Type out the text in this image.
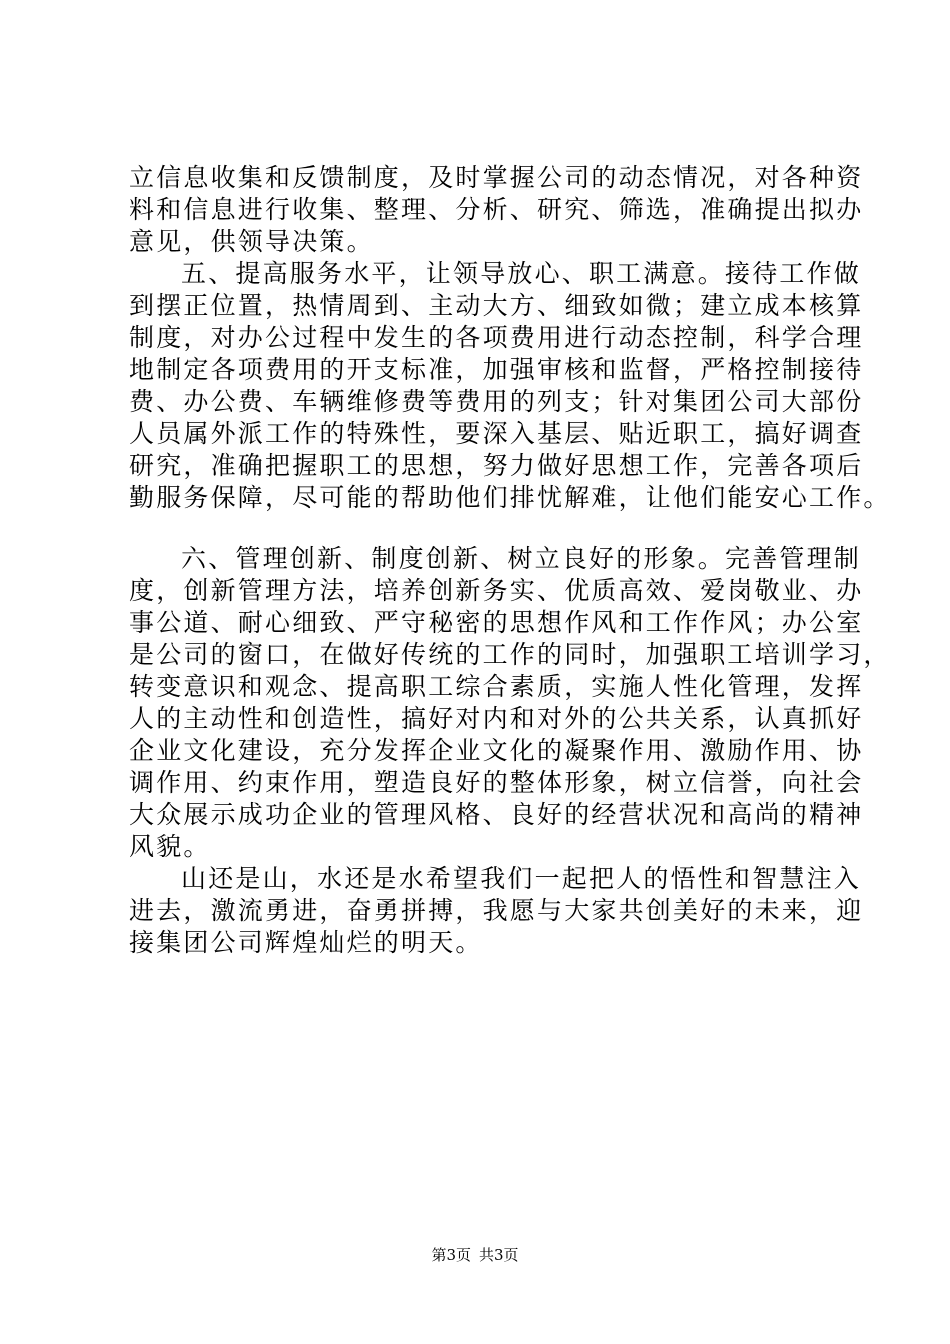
立信息收集和反馈制度，及时掌握公司的动态情况，对各种资
料和信息进行收集、整理、分析、研究、筛选，准确提出拟办
意见，供领导决策。
五、提高服务水平，让领导放心、职工满意。接待工作做
到摆正位置，热情周到、主动大方、细致如微；建立成本核算
制度，对办公过程中发生的各项费用进行动态控制，科学合理
地制定各项费用的开支标准，加强审核和监督，严格控制接待
费、办公费、车辆维修费等费用的列支；针对集团公司大部份
人员属外派工作的特殊性，要深入基层、贴近职工，搞好调查
研究，准确把握职工的思想，努力做好思想工作，完善各项后
勤服务保障，尽可能的帮助他们排忧解难，让他们能安心工作。
六、管理创新、制度创新、树立良好的形象。完善管理制
度，创新管理方法，培养创新务实、优质高效、爱岗敬业、办
事公道、耐心细致、严守秘密的思想作风和工作作风；办公室
是公司的窗口，在做好传统的工作的同时，加强职工培训学习，
转变意识和观念、提高职工综合素质，实施人性化管理，发挥
人的主动性和创造性，搞好对内和对外的公共关系，认真抓好
企业文化建设，充分发挥企业文化的凝聚作用、激励作用、协
调作用、约束作用，塑造良好的整体形象，树立信誉，向社会
大众展示成功企业的管理风格、良好的经营状况和高尚的精神
风貌。
山还是山，水还是水希望我们一起把人的悟性和智慧注入
进去，激流勇进，奋勇拼搏，我愿与大家共创美好的未来，迎
接集团公司辉煌灿烂的明天。
第3页 共3页
